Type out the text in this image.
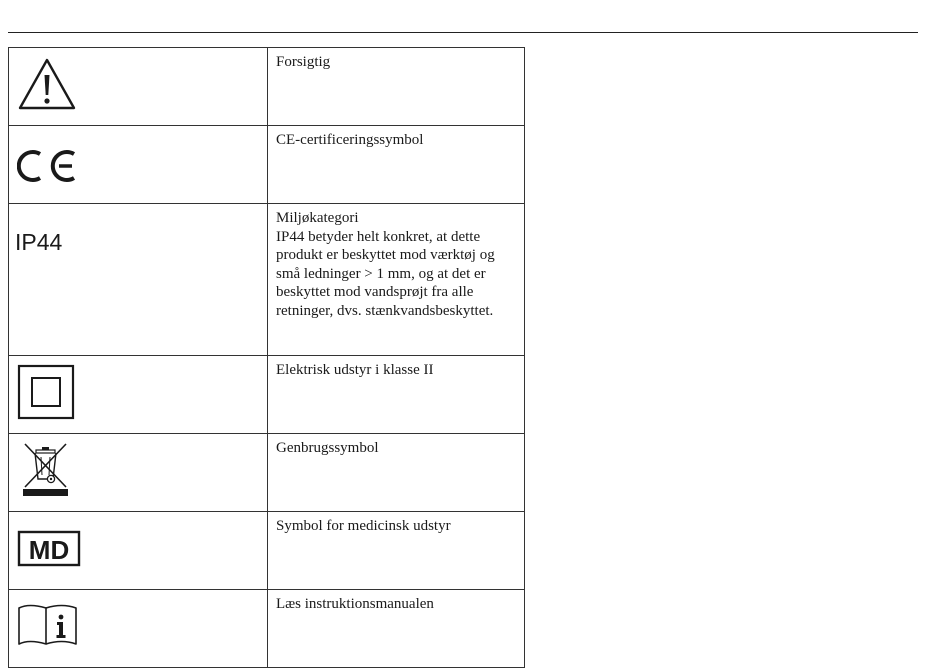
	Forsigtig

	CE-certificeringssymbol

IP44	Miljøkategori
IP44 betyder helt konkret, at dette produkt er beskyttet mod værktøj og små ledninger > 1 mm, og at det er beskyttet mod vandsprøjt fra alle retninger, dvs. stænkvandsbeskyttet.

	Elektrisk udstyr i klasse II

	Genbrugssymbol

MD	Symbol for medicinsk udstyr

	Læs instruktionsmanualen
